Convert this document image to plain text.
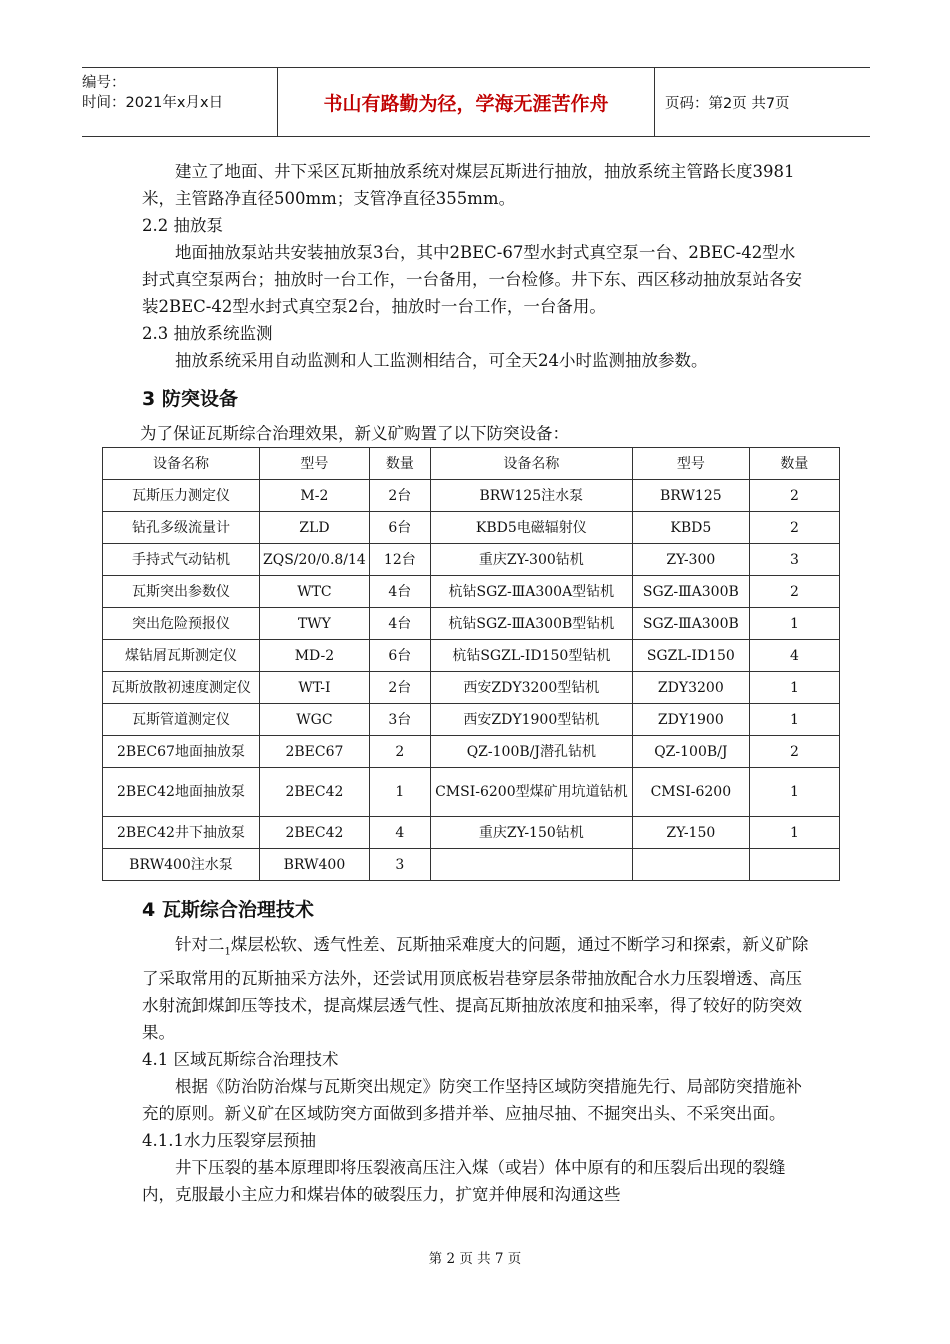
编号：
时间：2021年x月x日	书山有路勤为径，学海无涯苦作舟	页码：第2页 共7页

建立了地面、井下采区瓦斯抽放系统对煤层瓦斯进行抽放，抽放系统主管路长度3981米，主管路净直径500mm；支管净直径355mm。

2.2 抽放泵

地面抽放泵站共安装抽放泵3台，其中2BEC-67型水封式真空泵一台、2BEC-42型水封式真空泵两台；抽放时一台工作，一台备用，一台检修。井下东、西区移动抽放泵站各安装2BEC-42型水封式真空泵2台，抽放时一台工作，一台备用。

2.3 抽放系统监测

抽放系统采用自动监测和人工监测相结合，可全天24小时监测抽放参数。

3 防突设备

为了保证瓦斯综合治理效果，新义矿购置了以下防突设备：

设备名称	型号	数量	设备名称	型号	数量
瓦斯压力测定仪	M-2	2台	BRW125注水泵	BRW125	2
钻孔多级流量计	ZLD	6台	KBD5电磁辐射仪	KBD5	2
手持式气动钻机	ZQS/20/0.8/14	12台	重庆ZY-300钻机	ZY-300	3
瓦斯突出参数仪	WTC	4台	杭钻SGZ-ⅢA300A型钻机	SGZ-ⅢA300B	2
突出危险预报仪	TWY	4台	杭钻SGZ-ⅢA300B型钻机	SGZ-ⅢA300B	1
煤钻屑瓦斯测定仪	MD-2	6台	杭钻SGZL-ID150型钻机	SGZL-ID150	4
瓦斯放散初速度测定仪	WT-I	2台	西安ZDY3200型钻机	ZDY3200	1
瓦斯管道测定仪	WGC	3台	西安ZDY1900型钻机	ZDY1900	1
2BEC67地面抽放泵	2BEC67	2	QZ-100B/J潜孔钻机	QZ-100B/J	2
2BEC42地面抽放泵	2BEC42	1	CMSI-6200型煤矿用坑道钻机	CMSI-6200	1
2BEC42井下抽放泵	2BEC42	4	重庆ZY-150钻机	ZY-150	1
BRW400注水泵	BRW400	3			
4 瓦斯综合治理技术

针对二$_1$煤层松软、透气性差、瓦斯抽采难度大的问题，通过不断学习和探索，新义矿除了采取常用的瓦斯抽采方法外，还尝试用顶底板岩巷穿层条带抽放配合水力压裂增透、高压水射流卸煤卸压等技术，提高煤层透气性、提高瓦斯抽放浓度和抽采率，得了较好的防突效果。

4.1 区域瓦斯综合治理技术

根据《防治防治煤与瓦斯突出规定》防突工作坚持区域防突措施先行、局部防突措施补充的原则。新义矿在区域防突方面做到多措并举、应抽尽抽、不掘突出头、不采突出面。

4.1.1水力压裂穿层预抽

井下压裂的基本原理即将压裂液高压注入煤（或岩）体中原有的和压裂后出现的裂缝内，克服最小主应力和煤岩体的破裂压力，扩宽并伸展和沟通这些

第 2 页 共 7 页
